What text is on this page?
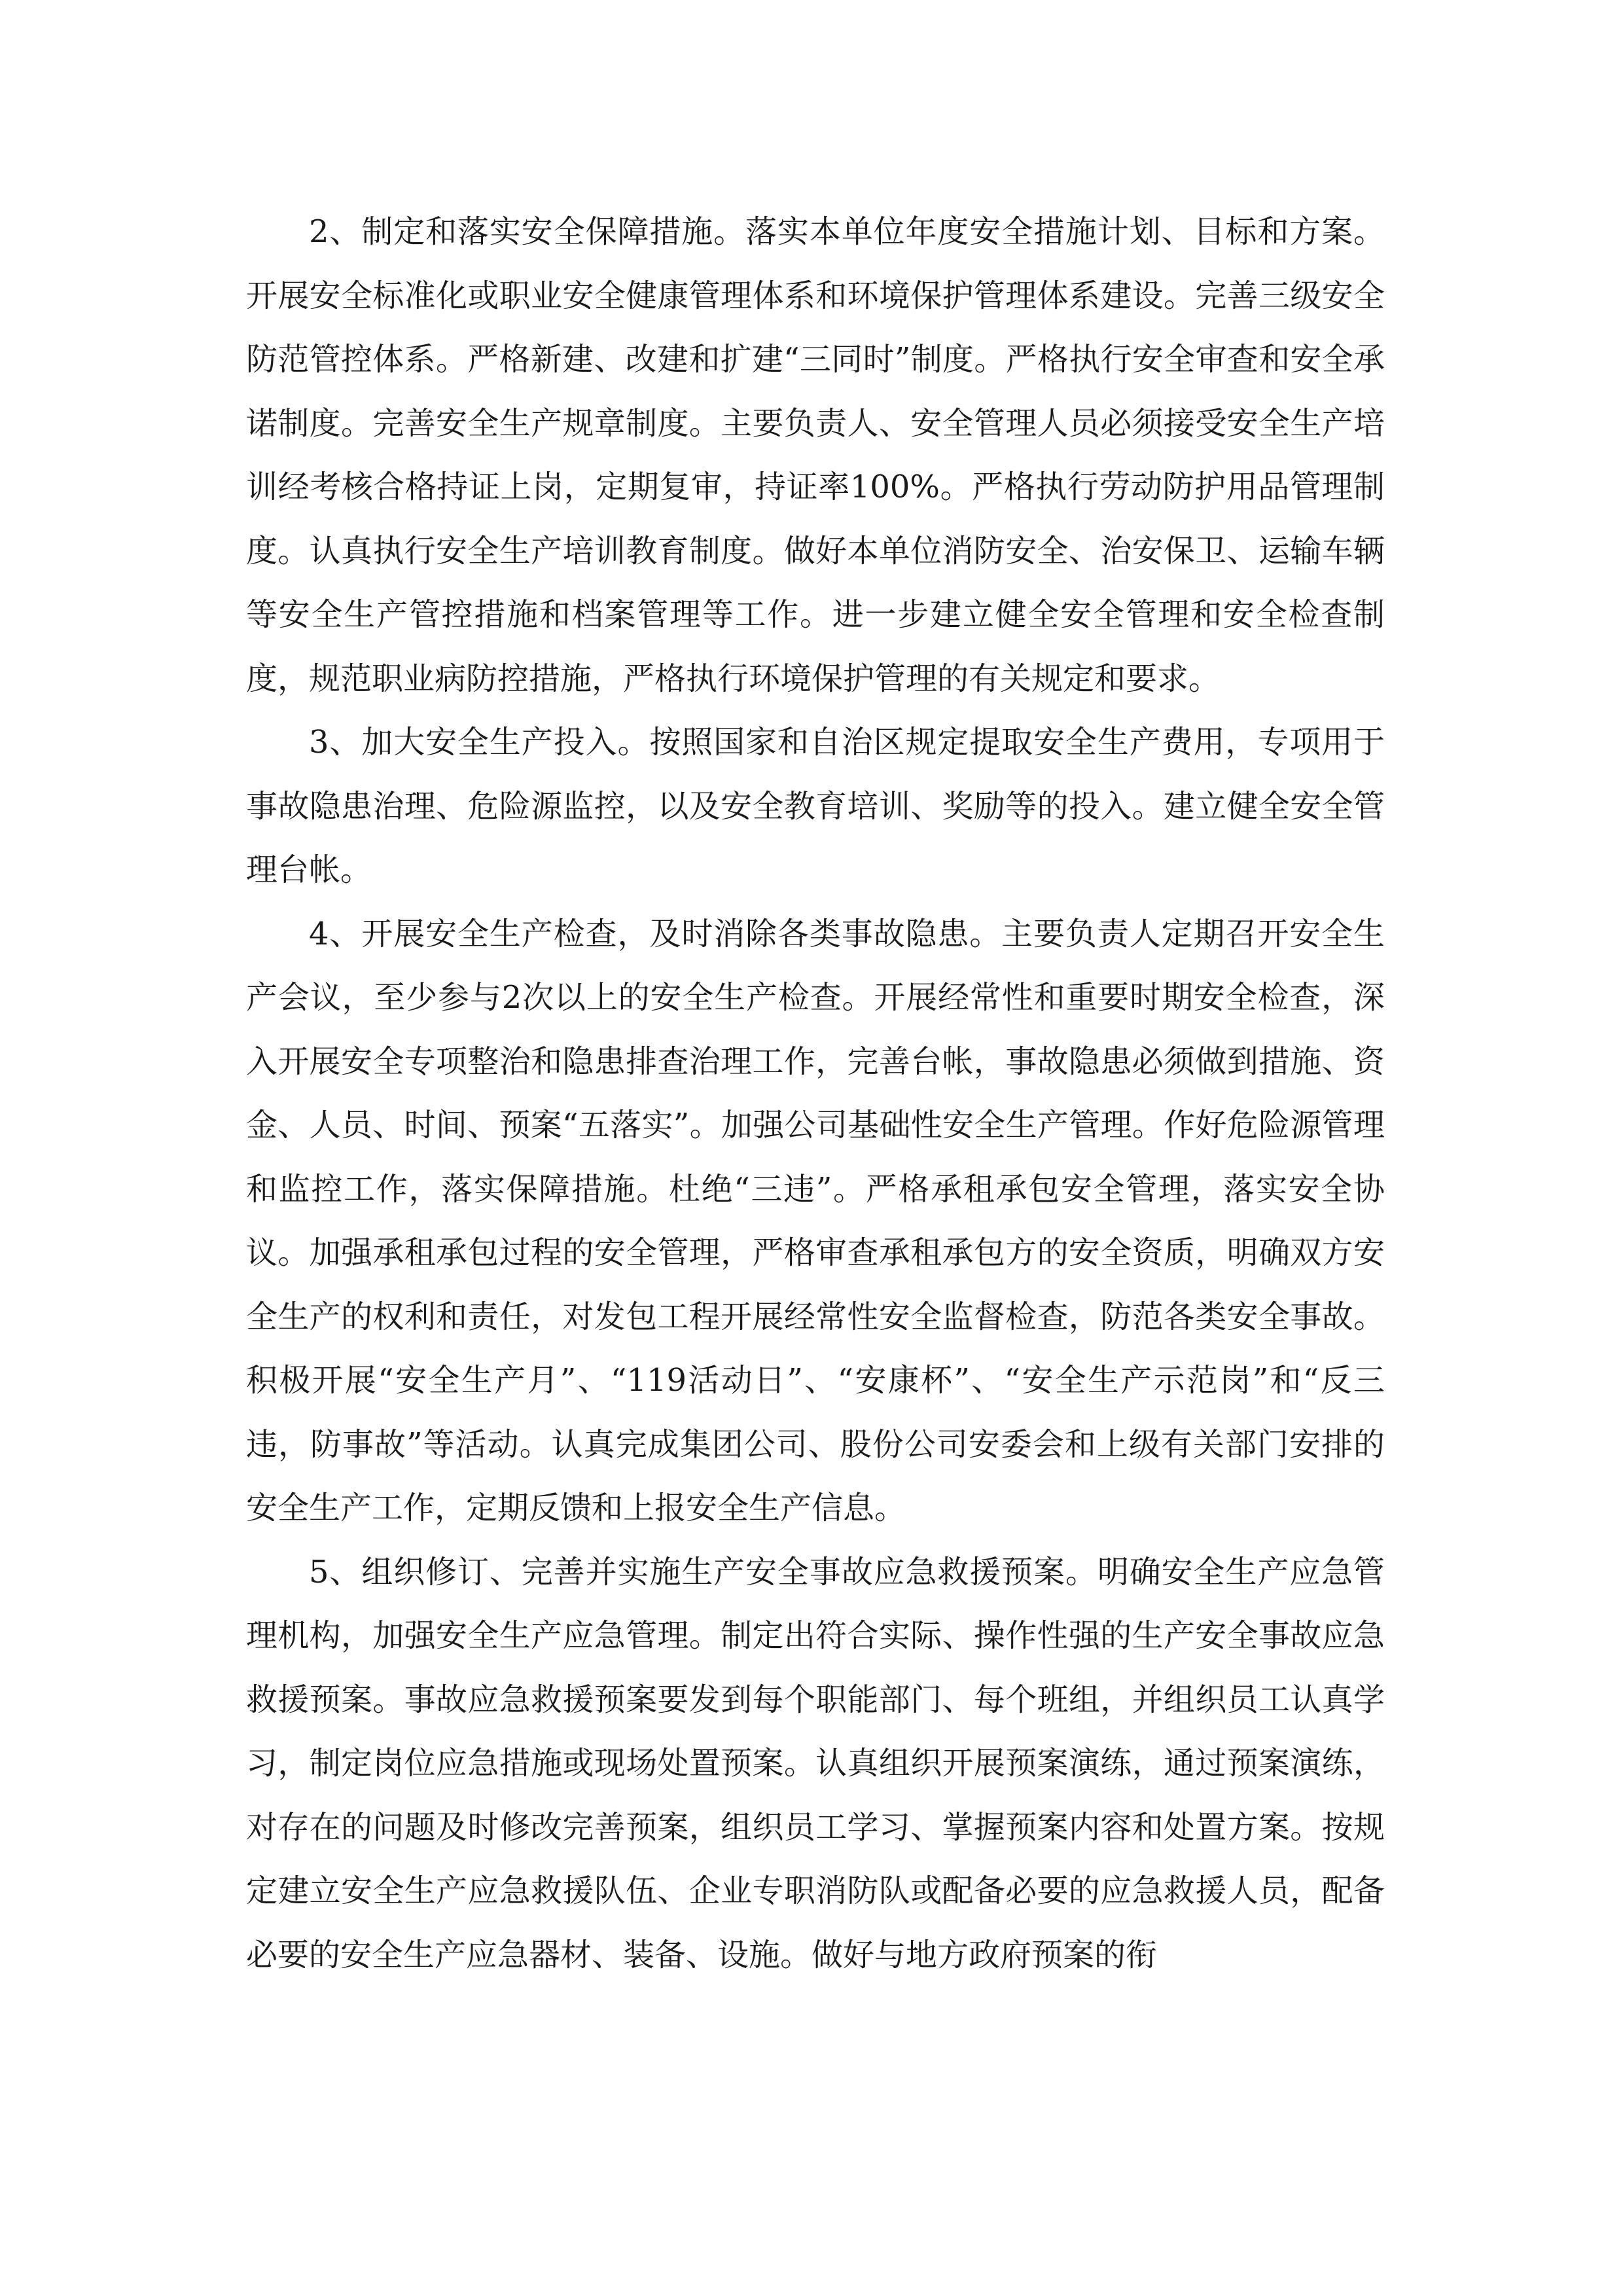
2、制定和落实安全保障措施。落实本单位年度安全措施计划、目标和方案。开展安全标准化或职业安全健康管理体系和环境保护管理体系建设。完善三级安全防范管控体系。严格新建、改建和扩建“三同时”制度。严格执行安全审查和安全承诺制度。完善安全生产规章制度。主要负责人、安全管理人员必须接受安全生产培训经考核合格持证上岗，定期复审，持证率100%。严格执行劳动防护用品管理制度。认真执行安全生产培训教育制度。做好本单位消防安全、治安保卫、运输车辆等安全生产管控措施和档案管理等工作。进一步建立健全安全管理和安全检查制度，规范职业病防控措施，严格执行环境保护管理的有关规定和要求。

3、加大安全生产投入。按照国家和自治区规定提取安全生产费用，专项用于事故隐患治理、危险源监控，以及安全教育培训、奖励等的投入。建立健全安全管理台帐。

4、开展安全生产检查，及时消除各类事故隐患。主要负责人定期召开安全生产会议，至少参与2次以上的安全生产检查。开展经常性和重要时期安全检查，深入开展安全专项整治和隐患排查治理工作，完善台帐，事故隐患必须做到措施、资金、人员、时间、预案“五落实”。加强公司基础性安全生产管理。作好危险源管理和监控工作，落实保障措施。杜绝“三违”。严格承租承包安全管理，落实安全协议。加强承租承包过程的安全管理，严格审查承租承包方的安全资质，明确双方安全生产的权利和责任，对发包工程开展经常性安全监督检查，防范各类安全事故。积极开展“安全生产月”、“119活动日”、“安康杯”、“安全生产示范岗”和“反三违，防事故”等活动。认真完成集团公司、股份公司安委会和上级有关部门安排的安全生产工作，定期反馈和上报安全生产信息。

5、组织修订、完善并实施生产安全事故应急救援预案。明确安全生产应急管理机构，加强安全生产应急管理。制定出符合实际、操作性强的生产安全事故应急救援预案。事故应急救援预案要发到每个职能部门、每个班组，并组织员工认真学习，制定岗位应急措施或现场处置预案。认真组织开展预案演练，通过预案演练，对存在的问题及时修改完善预案，组织员工学习、掌握预案内容和处置方案。按规定建立安全生产应急救援队伍、企业专职消防队或配备必要的应急救援人员，配备必要的安全生产应急器材、装备、设施。做好与地方政府预案的衔
